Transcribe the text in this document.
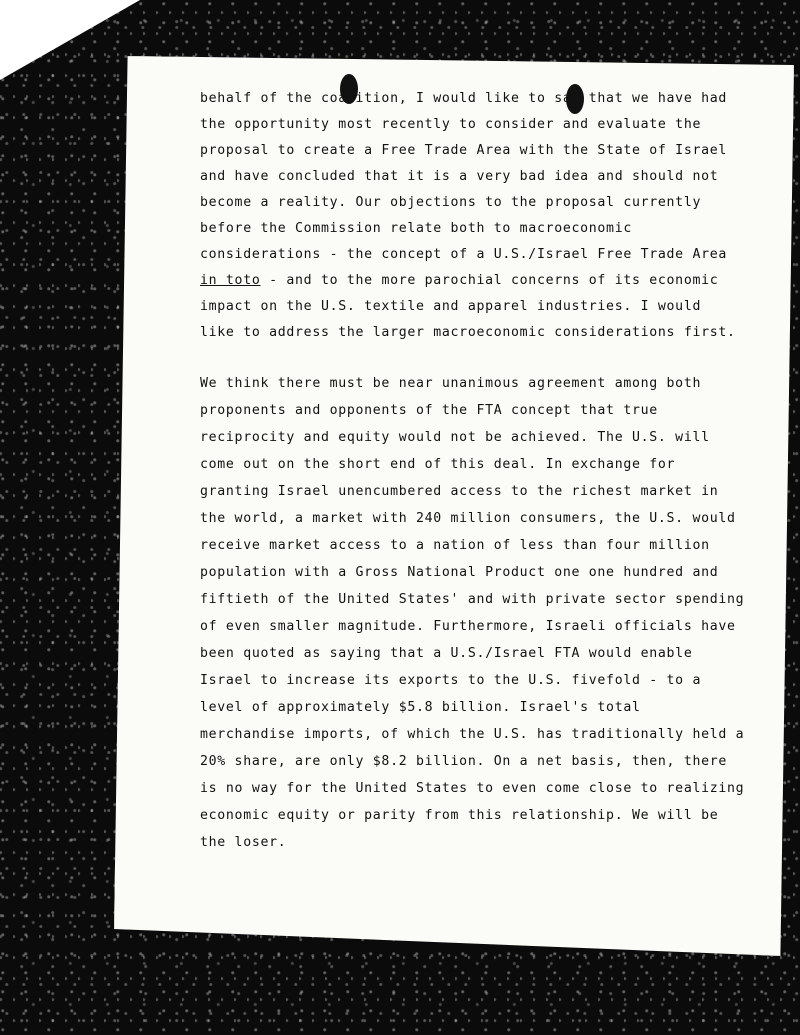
behalf of the coalition, I would like to say that we have had

the opportunity most recently to consider and evaluate the

proposal to create a Free Trade Area with the State of Israel

and have concluded that it is a very bad idea and should not

become a reality. Our objections to the proposal currently

before the Commission relate both to macroeconomic

considerations - the concept of a U.S./Israel Free Trade Area

in toto - and to the more parochial concerns of its economic

impact on the U.S. textile and apparel industries. I would

like to address the larger macroeconomic considerations first.

We think there must be near unanimous agreement among both

proponents and opponents of the FTA concept that true

reciprocity and equity would not be achieved. The U.S. will

come out on the short end of this deal. In exchange for

granting Israel unencumbered access to the richest market in

the world, a market with 240 million consumers, the U.S. would

receive market access to a nation of less than four million

population with a Gross National Product one one hundred and

fiftieth of the United States' and with private sector spending

of even smaller magnitude. Furthermore, Israeli officials have

been quoted as saying that a U.S./Israel FTA would enable

Israel to increase its exports to the U.S. fivefold - to a

level of approximately $5.8 billion. Israel's total

merchandise imports, of which the U.S. has traditionally held a

20% share, are only $8.2 billion. On a net basis, then, there

is no way for the United States to even come close to realizing

economic equity or parity from this relationship. We will be

the loser.
